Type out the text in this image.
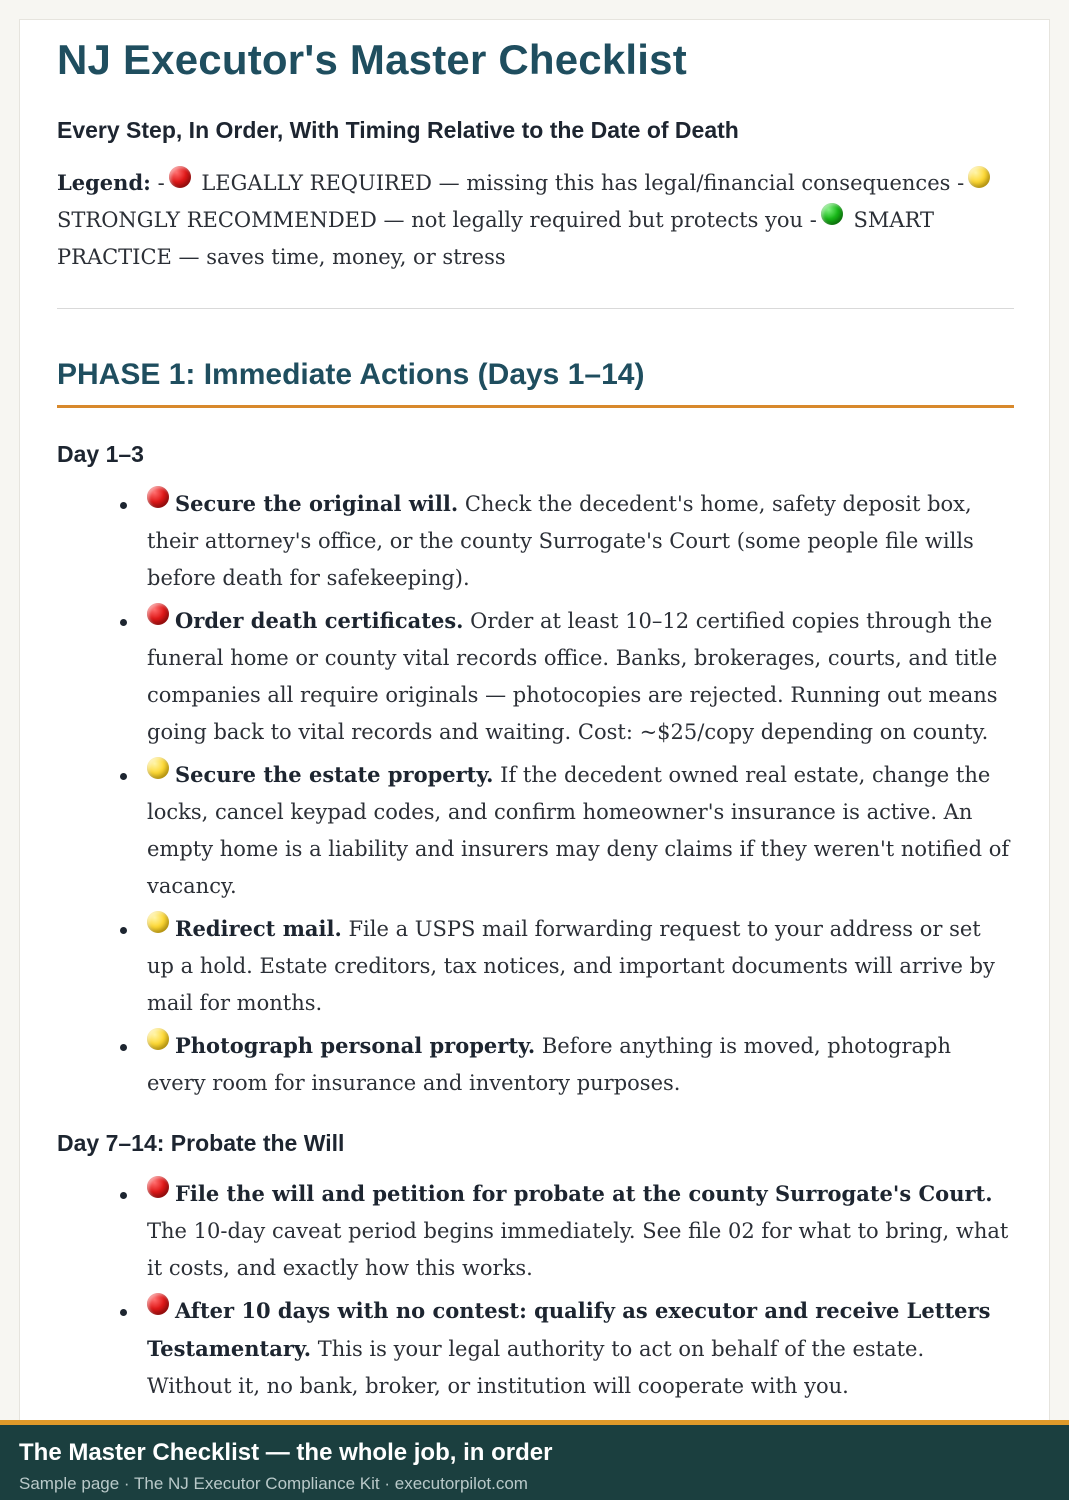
NJ Executor's Master Checklist
Every Step, In Order, With Timing Relative to the Date of Death
Legend: - LEGALLY REQUIRED — missing this has legal/financial consequences - STRONGLY RECOMMENDED — not legally required but protects you - SMART PRACTICE — saves time, money, or stress
PHASE 1: Immediate Actions (Days 1–14)
Day 1–3
Secure the original will. Check the decedent's home, safety deposit box, their attorney's office, or the county Surrogate's Court (some people file wills before death for safekeeping).
Order death certificates. Order at least 10–12 certified copies through the funeral home or county vital records office. Banks, brokerages, courts, and title companies all require originals — photocopies are rejected. Running out means going back to vital records and waiting. Cost: ~$25/copy depending on county.
Secure the estate property. If the decedent owned real estate, change the locks, cancel keypad codes, and confirm homeowner's insurance is active. An empty home is a liability and insurers may deny claims if they weren't notified of vacancy.
Redirect mail. File a USPS mail forwarding request to your address or set up a hold. Estate creditors, tax notices, and important documents will arrive by mail for months.
Photograph personal property. Before anything is moved, photograph every room for insurance and inventory purposes.
Day 7–14: Probate the Will
File the will and petition for probate at the county Surrogate's Court. The 10-day caveat period begins immediately. See file 02 for what to bring, what it costs, and exactly how this works.
After 10 days with no contest: qualify as executor and receive Letters Testamentary. This is your legal authority to act on behalf of the estate. Without it, no bank, broker, or institution will cooperate with you.
The Master Checklist — the whole job, in order
Sample page · The NJ Executor Compliance Kit · executorpilot.com
